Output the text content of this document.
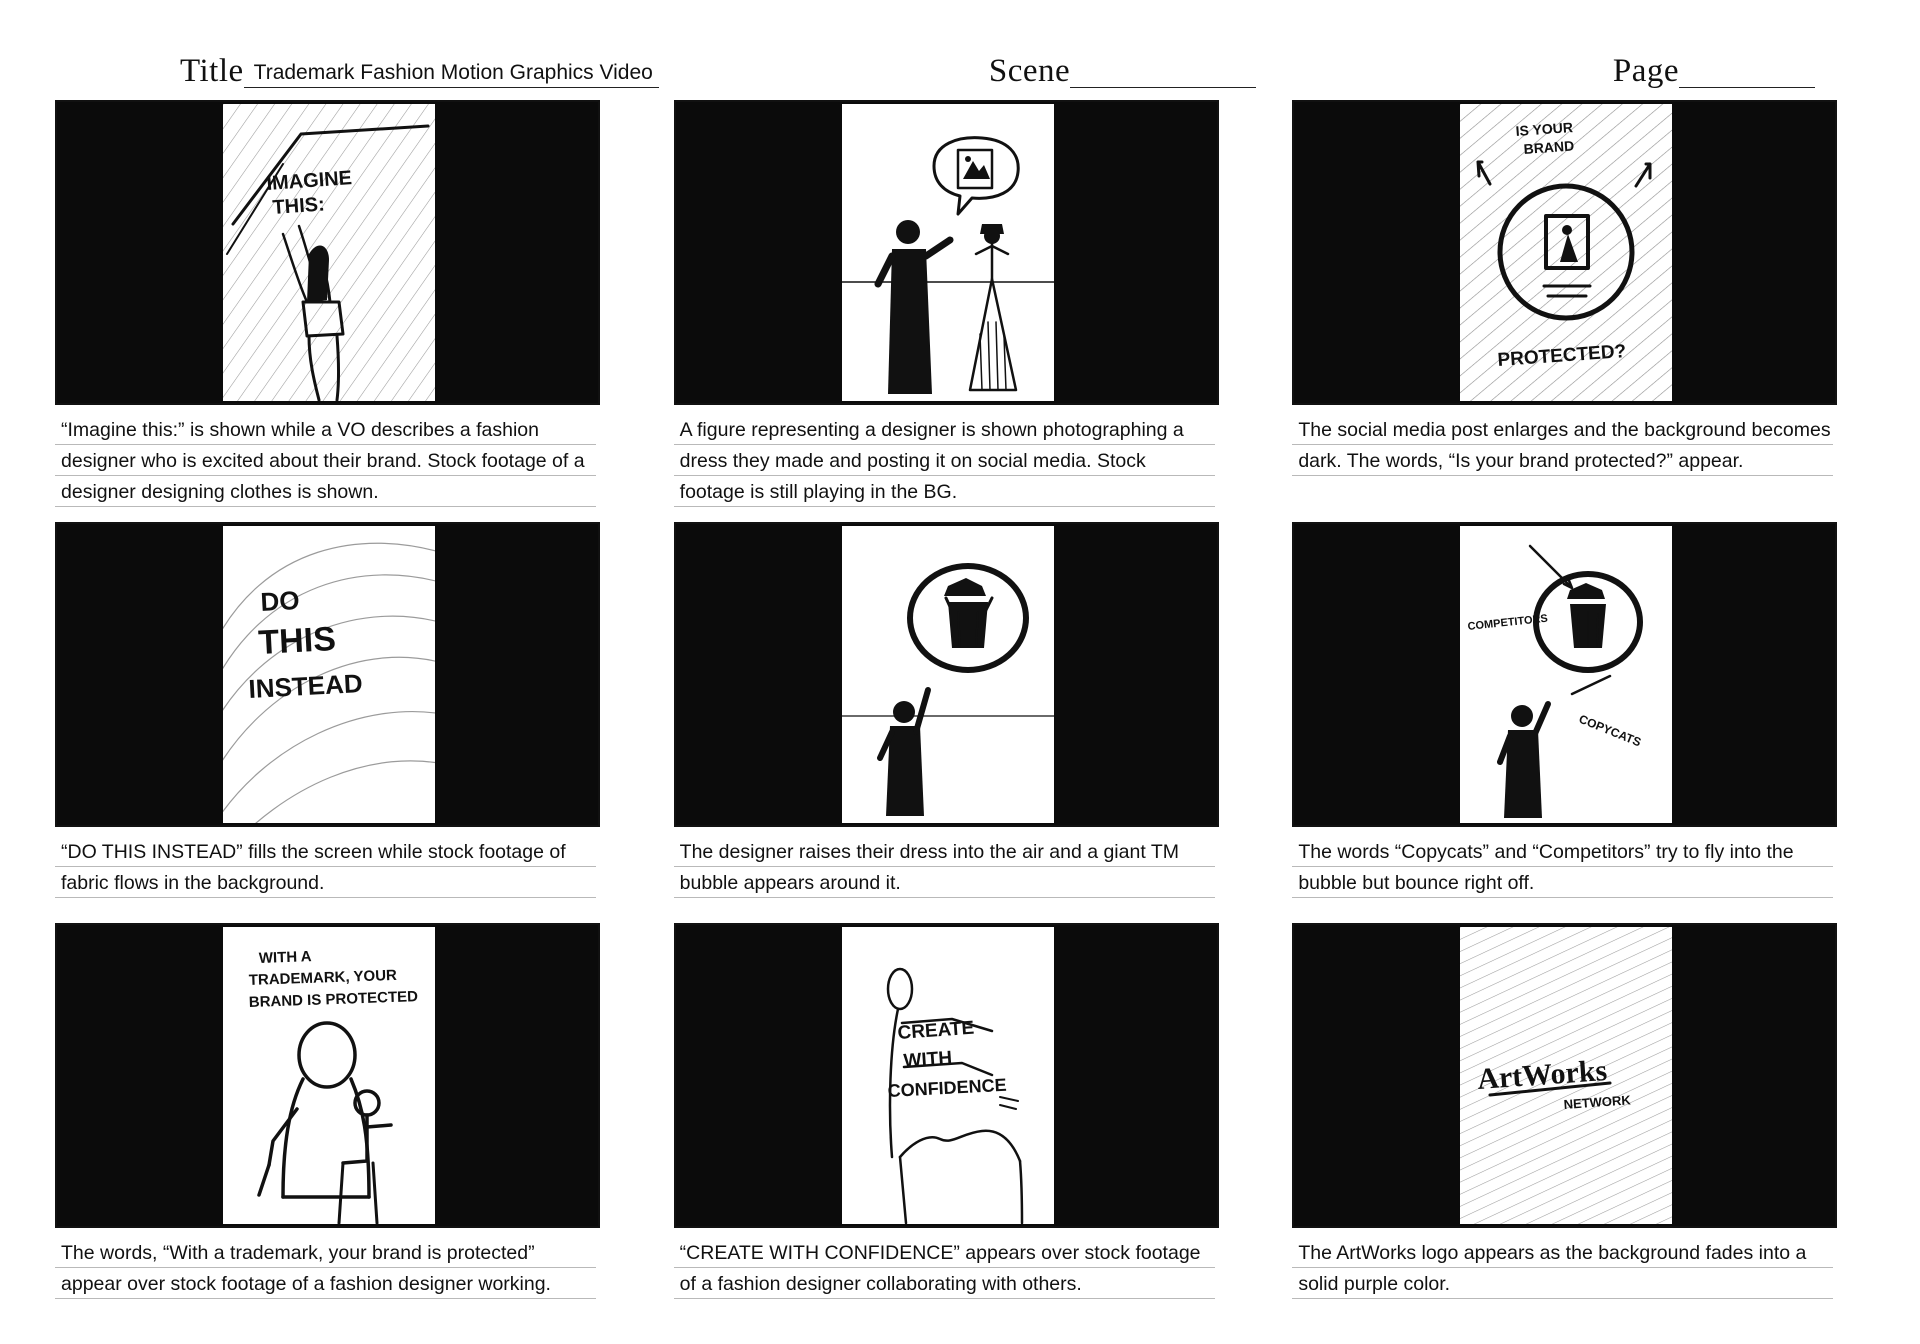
Title Trademark Fashion Motion Graphics Video	Scene	Page
IMAGINE
THIS:
“Imagine this:” is shown while a VO describes a fashion designer who is excited about their brand. Stock footage of a designer designing clothes is shown.
A figure representing a designer is shown photographing a dress they made and posting it on social media. Stock footage is still playing in the BG.
IS YOUR
BRAND
PROTECTED?
The social media post enlarges and the background becomes dark. The words, “Is your brand protected?” appear.
DO
THIS
INSTEAD
“DO THIS INSTEAD” fills the screen while stock footage of fabric flows in the background.
The designer raises their dress into the air and a giant TM bubble appears around it.
COMPETITORS
COPYCATS
The words “Copycats” and “Competitors” try to fly into the bubble but bounce right off.
WITH A
TRADEMARK, YOUR
BRAND IS PROTECTED
The words, “With a trademark, your brand is protected” appear over stock footage of a fashion designer working.
CREATE
WITH
CONFIDENCE
“CREATE WITH CONFIDENCE” appears over stock footage of a fashion designer collaborating with others.
ArtWorks
NETWORK
The ArtWorks logo appears as the background fades into a solid purple color.
